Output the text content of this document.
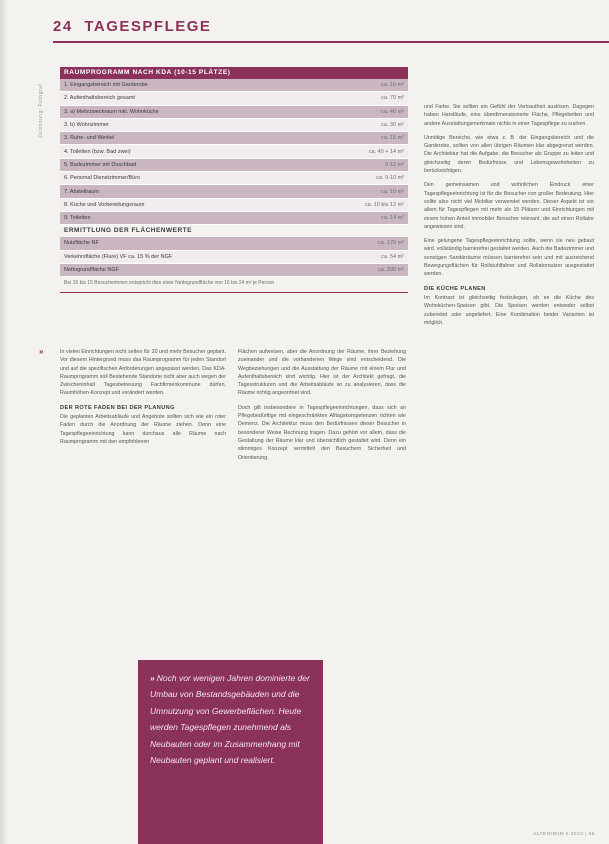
24 TAGESPFLEGE
Zeichnung: Fotograf
RAUMPROGRAMM NACH KDA (10-15 PLÄTZE)
1. Eingangsbereich mit Garderobe	ca. 16 m²
2. Aufenthaltsbereich gesamt	ca. 70 m²
3. a) Mehrzweckraum inkl. Wohnküche	ca. 40 m²
3. b) Wohnzimmer	ca. 30 m²
3. Ruhe- und Werkel	ca. 15 m²
4. Toiletten (bzw. Bad zwei)	ca. 40 + 14 m²
5. Badezimmer mit Duschbad	9-12 m²
6. Personal Dienstzimmer/Büro	ca. 9-10 m²
7. Abstellraum	ca. 10 m²
8. Küche und Vorbereitungsraum	ca. 10 bis 12 m²
9. Toiletten	ca. 14 m²
ERMITTLUNG DER FLÄCHENWERTE
Nutzfläche NF	ca. 170 m²
Verkehrsfläche (Flure) VF ca. 15 % der NGF	ca. 54 m²
Nettogrundfläche NGF	ca. 200 m²
Bei 10 bis 15 Besucherinnen entspricht dies einer Nettogrundfläche von 16 bis 24 m² je Person
»	In vielen Einrichtungen nicht selten für 20 und mehr Besucher geplant. Vor diesem Hintergrund muss das Raumprogramm für jeden Standort und auf die spezifischen Anforderungen angepasst werden. Das KDA-Raumprogramm soll Bestehende Standorte nicht aber auch wegen der Zwischeninhalt Tagesbetreuung Fachfirmenkommune dürfen, Raumhöhen-Konzept und verändert werden.

DER ROTE FADEN BEI DER PLANUNG

Die geplanten Arbeitsabläufe und Angebote sollten sich wie ein roter Faden durch die Anordnung der Räume ziehen. Denn eine Tagespflegeeinrichtung kann durchaus alle Räume nach Raumprogramm mit den empfohlenen

Flächen aufweisen, aber die Anordnung der Räume, ihrer Beziehung zueinander und die vorhandenen Wege sind entscheidend. Die Wegbeziehungen und die Ausstattung der Räume mit einem Flur und Aufenthaltsbereich sind wichtig. Hier ist der Architekt gefragt, die Tagesstrukturen und die Arbeitsabläufe so zu analysieren, dass die Räume richtig angeordnet sind.

Doch gilt insbesondere in Tagespflegeeinrichtungen, dass sich an Pflegebedürftige mit eingeschränkten Alltagskompetenzen richten wie Demenz. Die Architektur muss den Bedürfnissen dieser Besucher in besonderer Weise Rechnung tragen. Dazu gehört vor allem, dass die Gestaltung der Räume klar und übersichtlich gestaltet wird. Denn ein stimmiges Konzept vermittelt den Besuchern Sicherheit und Orientierung.

und Farbe. Sie sollten ein Gefühl der Vertrautheit auslösen. Dagegen haben Handläufe, eine überdimensionierte Fläche, Pflegebetten und andere Ausstattungsmerkmale nichts in einer Tagespflege zu suchen.

Unnötige Bereiche, wie etwa z. B. der Eingangsbereich und die Garderobe, sollten von allen übrigen Räumen klar abgegrenzt werden. Die Architektur hat die Aufgabe, die Besucher als Gruppe zu leiten und gleichzeitig deren Bedürfnisse und Lebensgewohnheiten zu berücksichtigen.

Den gemeinsamen und wohnlichen Eindruck einer Tagespflegeeinrichtung ist für die Besucher von großer Bedeutung. Hier sollte also nicht viel Mobiliar verwendet werden. Dieser Aspekt ist vor allem für Tagespflegen mit mehr als 15 Plätzen und Einrichtungen mit einem hohen Anteil immobiler Besucher relevant, die auf einen Rollator angewiesen sind.

Eine gelungene Tagespflegeeinrichtung sollte, wenn sie neu gebaut wird, vollständig barrierefrei gestaltet werden. Auch die Badezimmer und sonstigen Sanitärräume müssen barrierefrei sein und mit ausreichend Bewegungsflächen für Rollstuhlfahrer und Rollatornutzer ausgestattet werden.

DIE KÜCHE PLANEN

Im Kontrast ist gleichzeitig festzulegen, ob es die Küche des Wohnküchen-Speisen gibt. Die Speisen werden entweder selbst zubereitet oder angeliefert. Eine Kombination beider Varianten ist möglich.

» Noch vor wenigen Jahren dominierte der Umbau von Bestandsgebäuden und die Umnutzung von Gewerbeflächen. Heute werden Tagespflegen zunehmend als Neubauten oder im Zusammenhang mit Neubauten geplant und realisiert.
ALTENHEIM 9 2013 | 85
